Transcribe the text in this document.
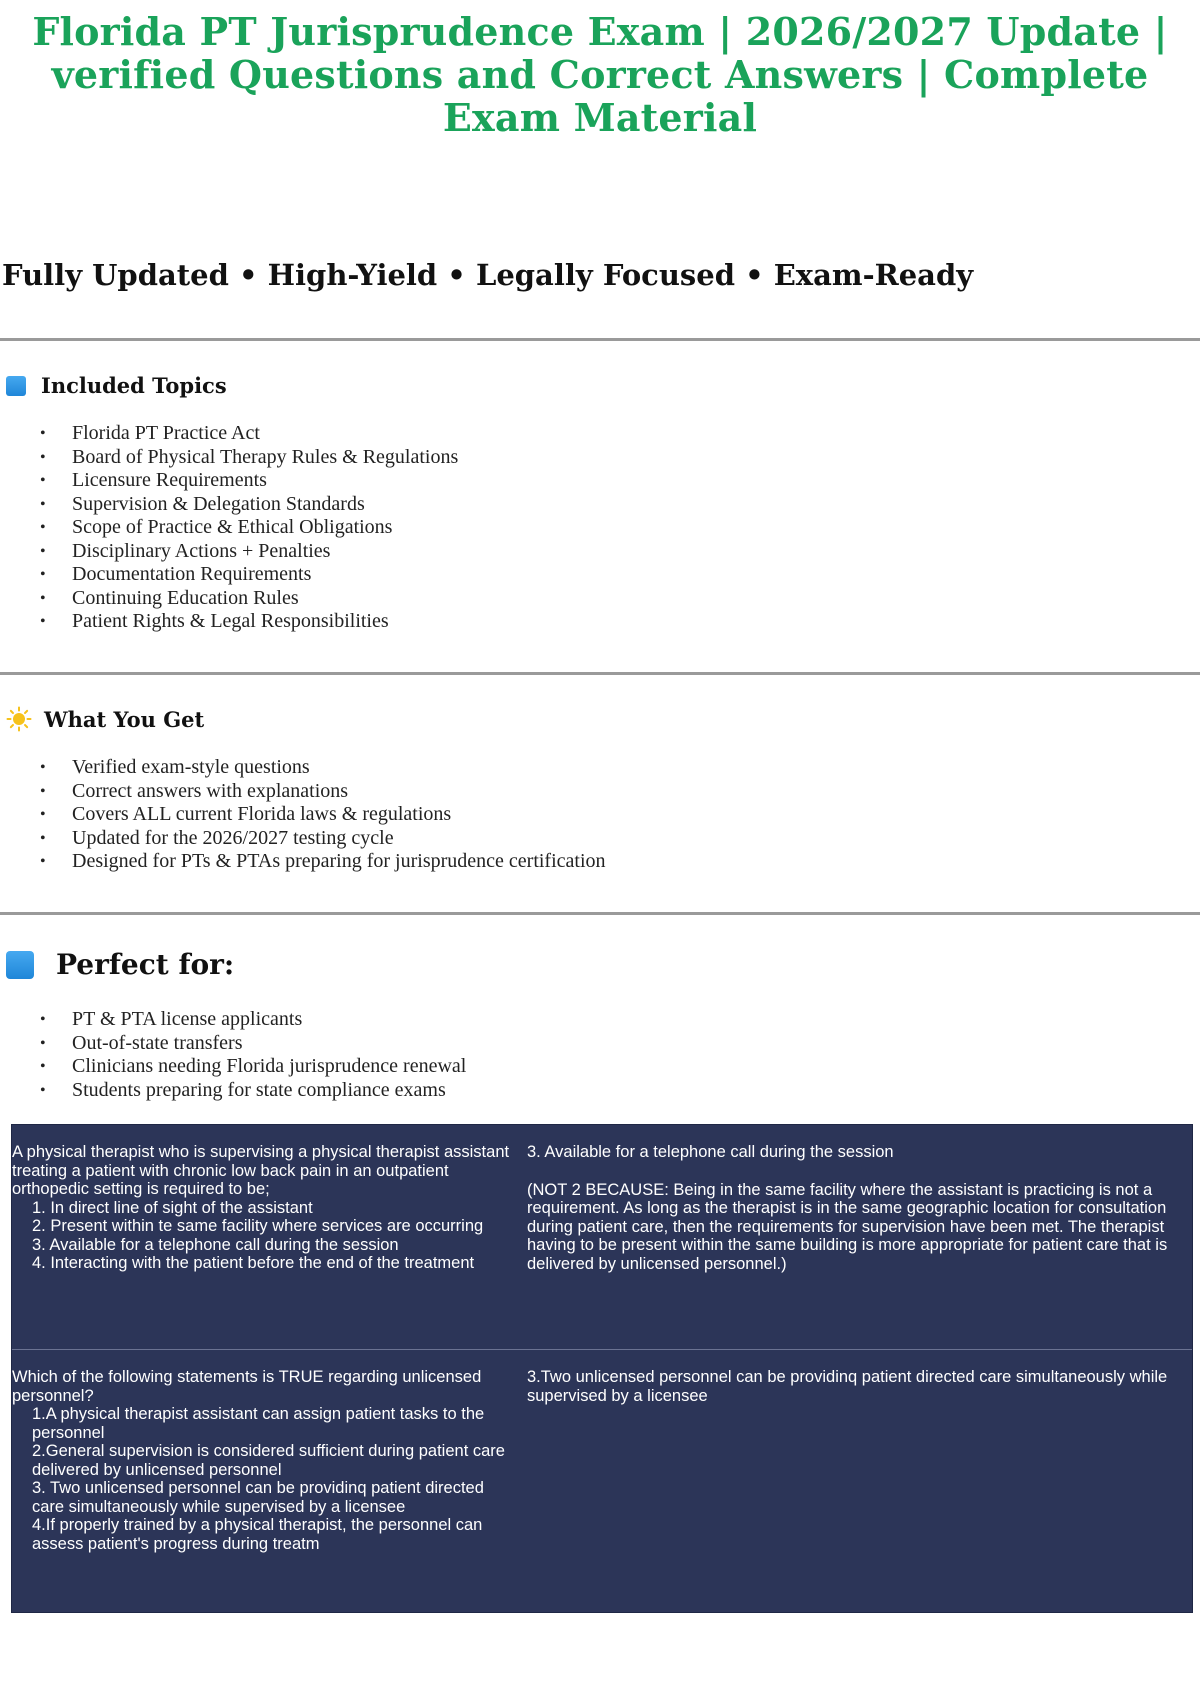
Florida PT Jurisprudence Exam | 2026/2027 Update | verified Questions and Correct Answers | Complete Exam Material
Fully Updated • High-Yield • Legally Focused • Exam-Ready
Included Topics
• Florida PT Practice Act
• Board of Physical Therapy Rules & Regulations
• Licensure Requirements
• Supervision & Delegation Standards
• Scope of Practice & Ethical Obligations
• Disciplinary Actions + Penalties
• Documentation Requirements
• Continuing Education Rules
• Patient Rights & Legal Responsibilities
What You Get
• Verified exam-style questions
• Correct answers with explanations
• Covers ALL current Florida laws & regulations
• Updated for the 2026/2027 testing cycle
• Designed for PTs & PTAs preparing for jurisprudence certification
Perfect for:
• PT & PTA license applicants
• Out-of-state transfers
• Clinicians needing Florida jurisprudence renewal
• Students preparing for state compliance exams
A physical therapist who is supervising a physical therapist assistant treating a patient with chronic low back pain in an outpatient orthopedic setting is required to be;
1. In direct line of sight of the assistant
2. Present within te same facility where services are occurring
3. Available for a telephone call during the session
4. Interacting with the patient before the end of the treatment
3. Available for a telephone call during the session
(NOT 2 BECAUSE: Being in the same facility where the assistant is practicing is not a requirement. As long as the therapist is in the same geographic location for consultation during patient care, then the requirements for supervision have been met. The therapist having to be present within the same building is more appropriate for patient care that is delivered by unlicensed personnel.)
Which of the following statements is TRUE regarding unlicensed personnel?
1.A physical therapist assistant can assign patient tasks to the personnel
2.General supervision is considered sufficient during patient care delivered by unlicensed personnel
3. Two unlicensed personnel can be providinq patient directed care simultaneously while supervised by a licensee
4.If properly trained by a physical therapist, the personnel can assess patient's progress during treatm
3.Two unlicensed personnel can be providinq patient directed care simultaneously while supervised by a licensee
